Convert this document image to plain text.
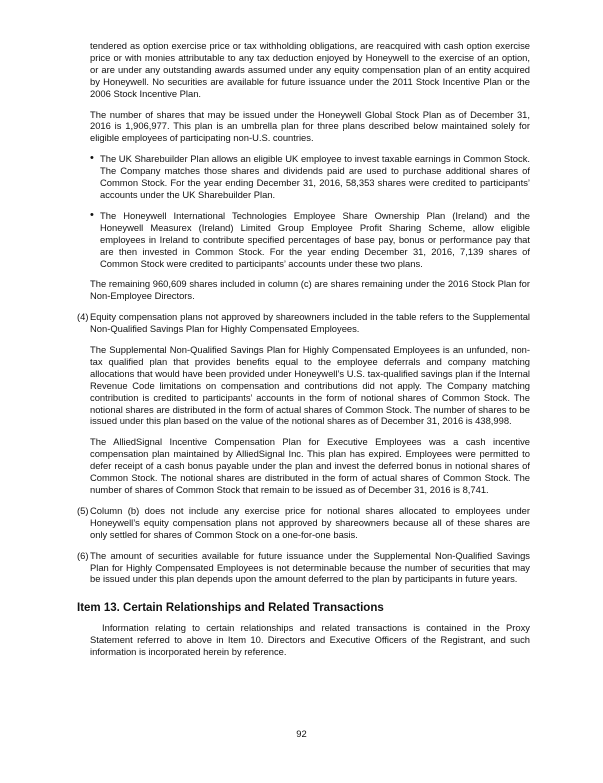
tendered as option exercise price or tax withholding obligations, are reacquired with cash option exercise price or with monies attributable to any tax deduction enjoyed by Honeywell to the exercise of an option, or are under any outstanding awards assumed under any equity compensation plan of an entity acquired by Honeywell. No securities are available for future issuance under the 2011 Stock Incentive Plan or the 2006 Stock Incentive Plan.

The number of shares that may be issued under the Honeywell Global Stock Plan as of December 31, 2016 is 1,906,977. This plan is an umbrella plan for three plans described below maintained solely for eligible employees of participating non-U.S. countries.

• The UK Sharebuilder Plan allows an eligible UK employee to invest taxable earnings in Common Stock. The Company matches those shares and dividends paid are used to purchase additional shares of Common Stock. For the year ending December 31, 2016, 58,353 shares were credited to participants’ accounts under the UK Sharebuilder Plan.
• The Honeywell International Technologies Employee Share Ownership Plan (Ireland) and the Honeywell Measurex (Ireland) Limited Group Employee Profit Sharing Scheme, allow eligible employees in Ireland to contribute specified percentages of base pay, bonus or performance pay that are then invested in Common Stock. For the year ending December 31, 2016, 7,139 shares of Common Stock were credited to participants’ accounts under these two plans.

The remaining 960,609 shares included in column (c) are shares remaining under the 2016 Stock Plan for Non-Employee Directors.

(4) Equity compensation plans not approved by shareowners included in the table refers to the Supplemental Non-Qualified Savings Plan for Highly Compensated Employees.

The Supplemental Non-Qualified Savings Plan for Highly Compensated Employees is an unfunded, non-tax qualified plan that provides benefits equal to the employee deferrals and company matching allocations that would have been provided under Honeywell’s U.S. tax-qualified savings plan if the Internal Revenue Code limitations on compensation and contributions did not apply. The Company matching contribution is credited to participants’ accounts in the form of notional shares of Common Stock. The notional shares are distributed in the form of actual shares of Common Stock. The number of shares to be issued under this plan based on the value of the notional shares as of December 31, 2016 is 438,998.

The AlliedSignal Incentive Compensation Plan for Executive Employees was a cash incentive compensation plan maintained by AlliedSignal Inc. This plan has expired. Employees were permitted to defer receipt of a cash bonus payable under the plan and invest the deferred bonus in notional shares of Common Stock. The notional shares are distributed in the form of actual shares of Common Stock. The number of shares of Common Stock that remain to be issued as of December 31, 2016 is 8,741.

(5) Column (b) does not include any exercise price for notional shares allocated to employees under Honeywell’s equity compensation plans not approved by shareowners because all of these shares are only settled for shares of Common Stock on a one-for-one basis.
(6) The amount of securities available for future issuance under the Supplemental Non-Qualified Savings Plan for Highly Compensated Employees is not determinable because the number of securities that may be issued under this plan depends upon the amount deferred to the plan by participants in future years.
Item 13. Certain Relationships and Related Transactions

Information relating to certain relationships and related transactions is contained in the Proxy Statement referred to above in Item 10. Directors and Executive Officers of the Registrant, and such information is incorporated herein by reference.

92
